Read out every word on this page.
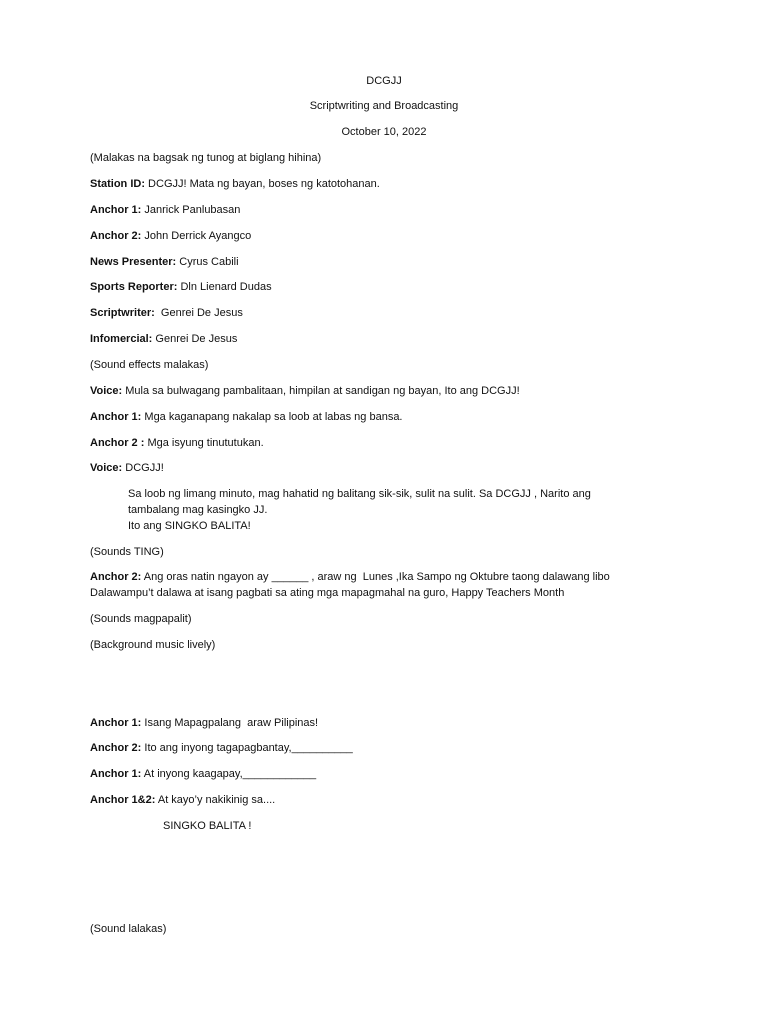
DCGJJ
Scriptwriting and Broadcasting
October 10, 2022
(Malakas na bagsak ng tunog at biglang hihina)
Station ID: DCGJJ! Mata ng bayan, boses ng katotohanan.
Anchor 1: Janrick Panlubasan
Anchor 2: John Derrick Ayangco
News Presenter: Cyrus Cabili
Sports Reporter: Dln Lienard Dudas
Scriptwriter:  Genrei De Jesus
Infomercial: Genrei De Jesus
(Sound effects malakas)
Voice: Mula sa bulwagang pambalitaan, himpilan at sandigan ng bayan, Ito ang DCGJJ!
Anchor 1: Mga kaganapang nakalap sa loob at labas ng bansa.
Anchor 2 : Mga isyung tinututukan.
Voice: DCGJJ!
Sa loob ng limang minuto, mag hahatid ng balitang sik-sik, sulit na sulit. Sa DCGJJ , Narito ang
tambalang mag kasingko JJ.
Ito ang SINGKO BALITA!
(Sounds TING)
Anchor 2: Ang oras natin ngayon ay ______ , araw ng  Lunes ,Ika Sampo ng Oktubre taong dalawang libo
Dalawampu’t dalawa at isang pagbati sa ating mga mapagmahal na guro, Happy Teachers Month
(Sounds magpapalit)
(Background music lively)
Anchor 1: Isang Mapagpalang  araw Pilipinas!
Anchor 2: Ito ang inyong tagapagbantay,__________
Anchor 1: At inyong kaagapay,____________
Anchor 1&2: At kayo’y nakikinig sa....
SINGKO BALITA !
(Sound lalakas)
